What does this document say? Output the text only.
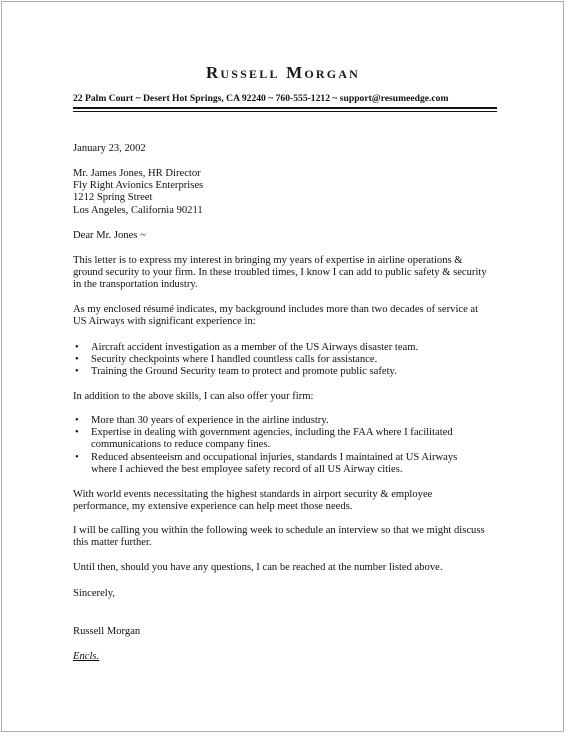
Russell Morgan
22 Palm Court ~ Desert Hot Springs, CA 92240 ~ 760-555-1212 ~ support@resumeedge.com
January 23, 2002

Mr. James Jones, HR Director

Fly Right Avionics Enterprises

1212 Spring Street

Los Angeles, California 90211

Dear Mr. Jones ~

This letter is to express my interest in bringing my years of expertise in airline operations &

ground security to your firm. In these troubled times, I know I can add to public safety & security

in the transportation industry.

As my enclosed résumé indicates, my background includes more than two decades of service at

US Airways with significant experience in:

• Aircraft accident investigation as a member of the US Airways disaster team.
• Security checkpoints where I handled countless calls for assistance.
• Training the Ground Security team to protect and promote public safety.
In addition to the above skills, I can also offer your firm:
• More than 30 years of experience in the airline industry.
• Expertise in dealing with government agencies, including the FAA where I facilitated
communications to reduce company fines.
• Reduced absenteeism and occupational injuries, standards I maintained at US Airways
where I achieved the best employee safety record of all US Airway cities.

With world events necessitating the highest standards in airport security & employee

performance, my extensive experience can help meet those needs.

I will be calling you within the following week to schedule an interview so that we might discuss

this matter further.

Until then, should you have any questions, I can be reached at the number listed above.
Sincerely,
Russell Morgan
Encls.
